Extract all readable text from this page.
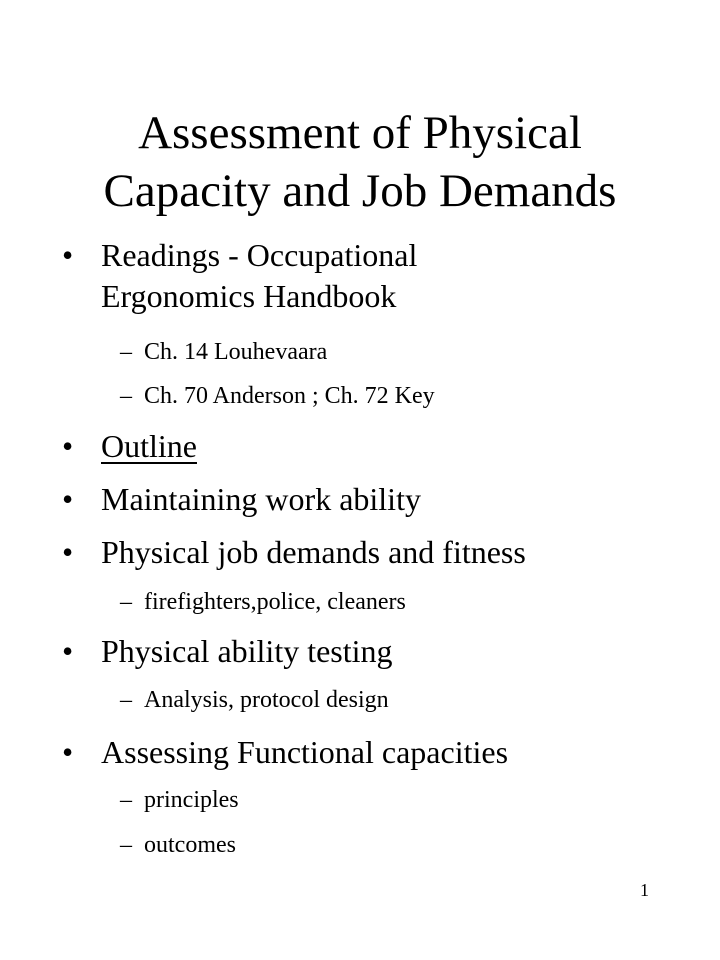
Assessment of Physical
Capacity and Job Demands
• Readings - Occupational
Ergonomics Handbook
– Ch. 14 Louhevaara
– Ch. 70 Anderson ; Ch. 72 Key
• Outline
• Maintaining work ability
• Physical job demands and fitness
– firefighters,police, cleaners
• Physical ability testing
– Analysis, protocol design
• Assessing Functional capacities
– principles
– outcomes
1
